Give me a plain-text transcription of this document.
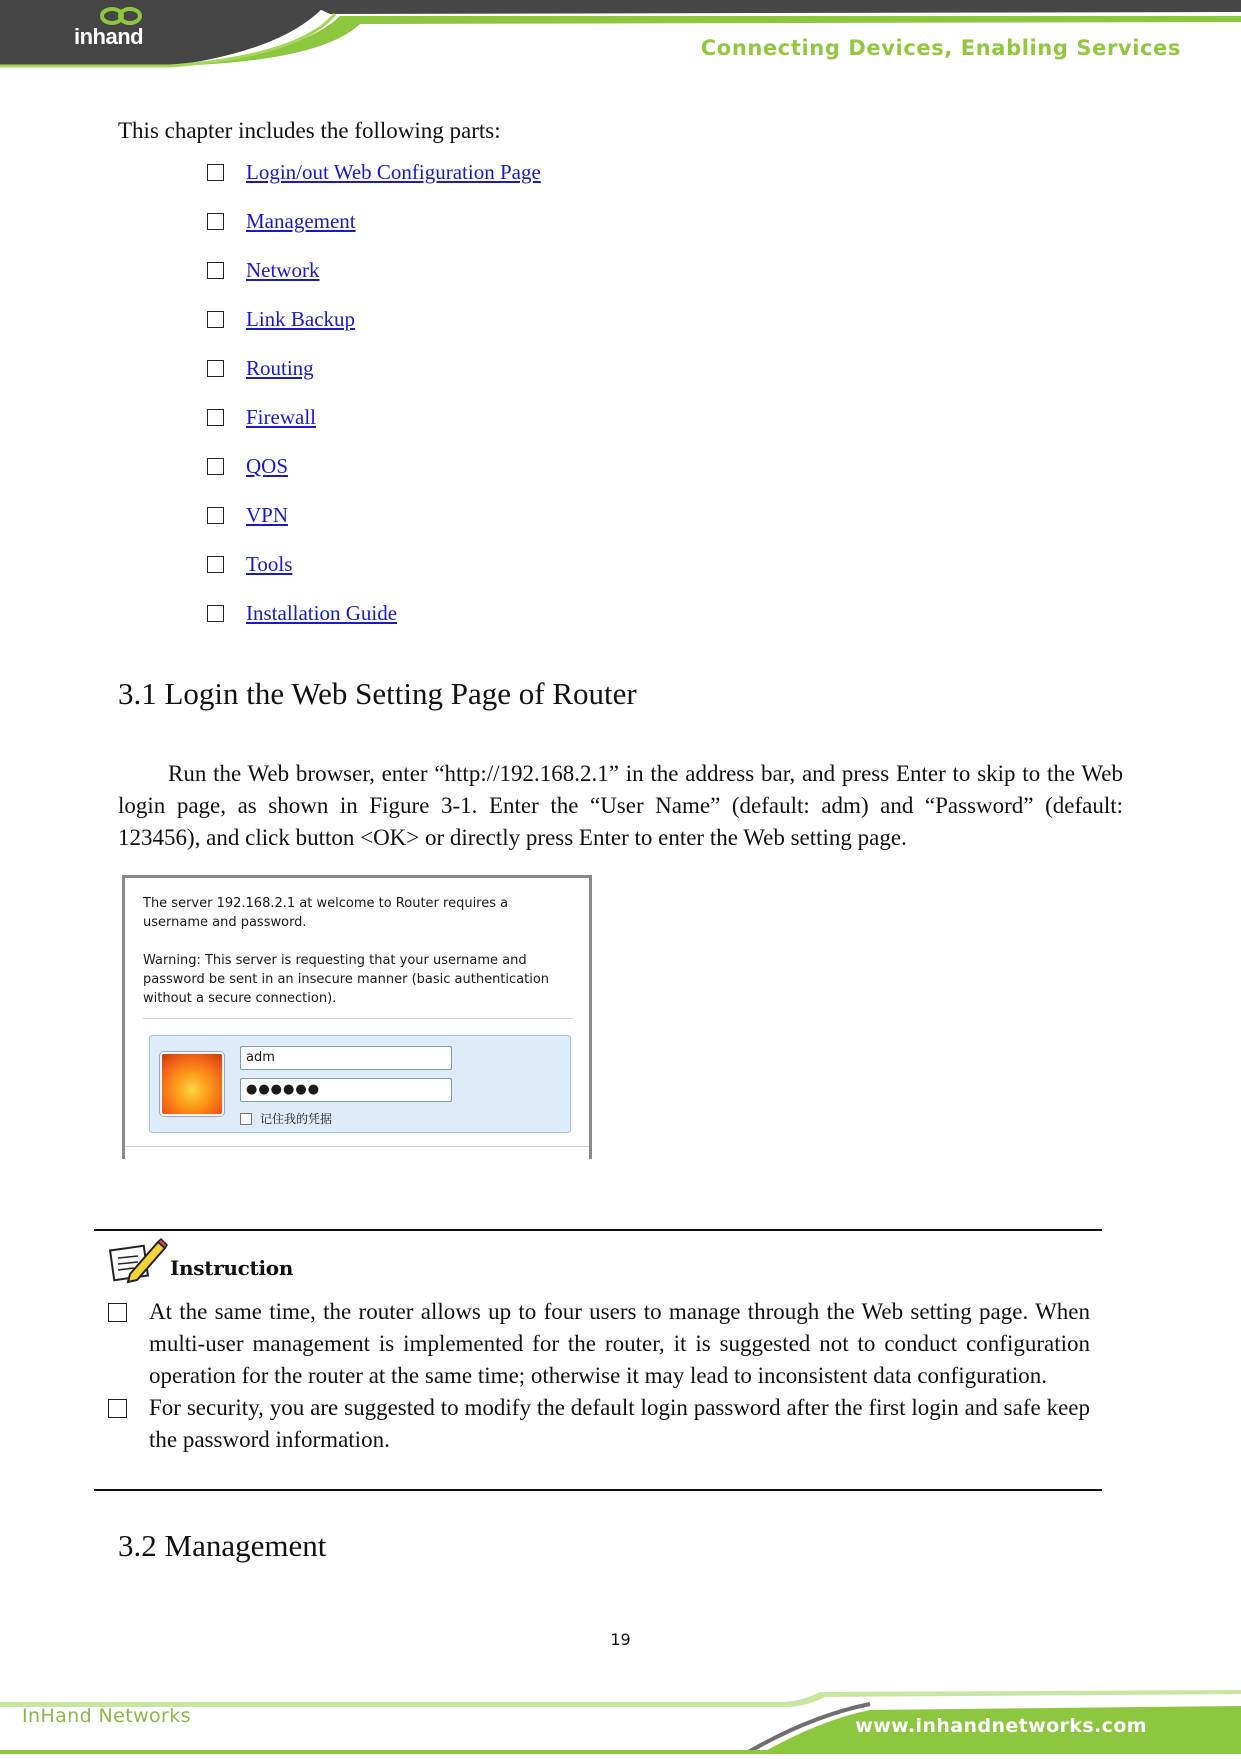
inhand	Connecting Devices, Enabling Services
This chapter includes the following parts:
Login/out Web Configuration Page
Management
Network
Link Backup
Routing
Firewall
QOS
VPN
Tools
Installation Guide
3.1 Login the Web Setting Page of Router

Run the Web browser, enter “http://192.168.2.1” in the address bar, and press Enter to skip to the Web login page, as shown in Figure 3-1. Enter the “User Name” (default: adm) and “Password” (default: 123456), and click button <OK> or directly press Enter to enter the Web setting page.

The server 192.168.2.1 at welcome to Router requires a username and password.
Warning: This server is requesting that your username and password be sent in an insecure manner (basic authentication without a secure connection).
adm
●●●●●●
记住我的凭据
Instruction
At the same time, the router allows up to four users to manage through the Web setting page. When multi-user management is implemented for the router, it is suggested not to conduct configuration operation for the router at the same time; otherwise it may lead to inconsistent data configuration.
For security, you are suggested to modify the default login password after the first login and safe keep the password information.
3.2 Management
19
InHand Networks	www.inhandnetworks.com
